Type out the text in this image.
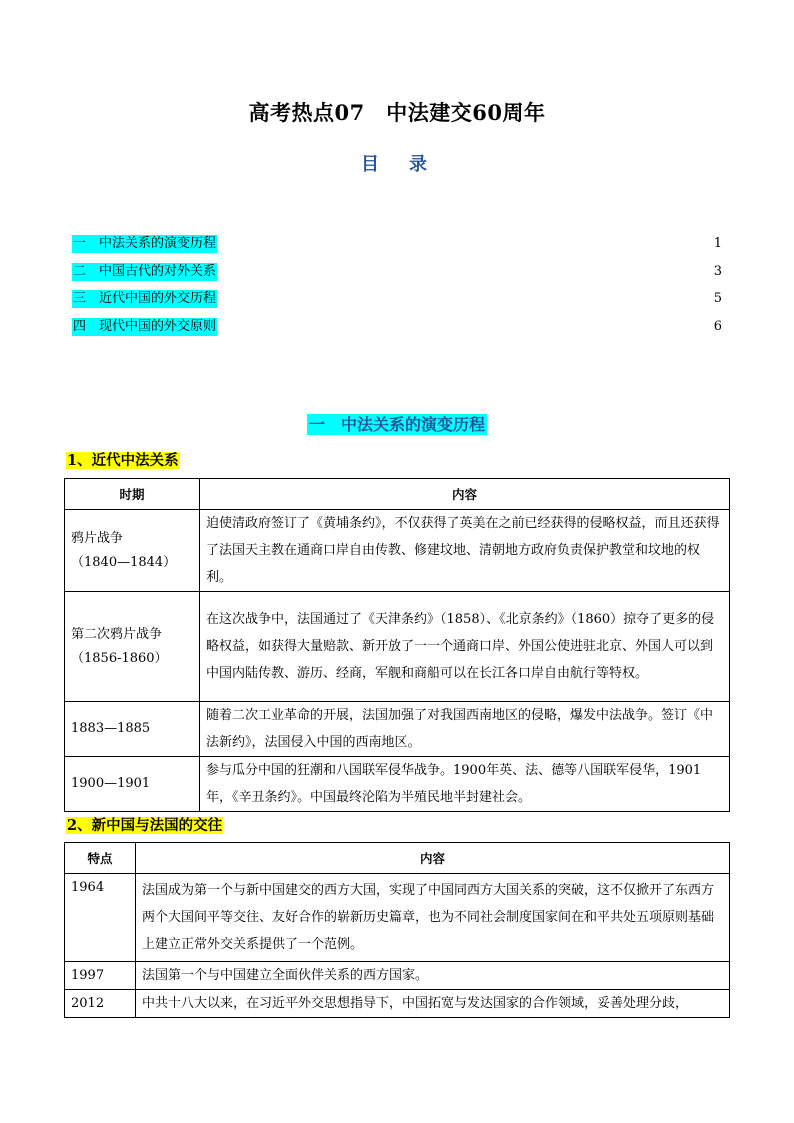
高考热点07　中法建交60周年
目　录
一　中法关系的演变历程	1
二　中国古代的对外关系	3
三　近代中国的外交历程	5
四　现代中国的外交原则	6
一　中法关系的演变历程
1、近代中法关系
时期	内容

鸦片战争
（1840—1844）	迫使清政府签订了《黄埔条约》，不仅获得了英美在之前已经获得的侵略权益，而且还获得了法国天主教在通商口岸自由传教、修建坟地、清朝地方政府负责保护教堂和坟地的权利。

第二次鸦片战争
（1856-1860）	在这次战争中，法国通过了《天津条约》（1858）、《北京条约》（1860）掠夺了更多的侵略权益，如获得大量赔款、新开放了一一个通商口岸、外国公使进驻北京、外国人可以到中国内陆传教、游历、经商，军舰和商船可以在长江各口岸自由航行等特权。

1883—1885	随着二次工业革命的开展，法国加强了对我国西南地区的侵略，爆发中法战争。签订《中法新约》，法国侵入中国的西南地区。

1900—1901	参与瓜分中国的狂潮和八国联军侵华战争。1900年英、法、德等八国联军侵华，1901年，《辛丑条约》。中国最终沦陷为半殖民地半封建社会。
2、新中国与法国的交往
特点	内容
1964	法国成为第一个与新中国建交的西方大国，实现了中国同西方大国关系的突破，这不仅掀开了东西方两个大国间平等交往、友好合作的崭新历史篇章，也为不同社会制度国家间在和平共处五项原则基础上建立正常外交关系提供了一个范例。
1997	法国第一个与中国建立全面伙伴关系的西方国家。
2012	中共十八大以来，在习近平外交思想指导下，中国拓宽与发达国家的合作领域，妥善处理分歧，
